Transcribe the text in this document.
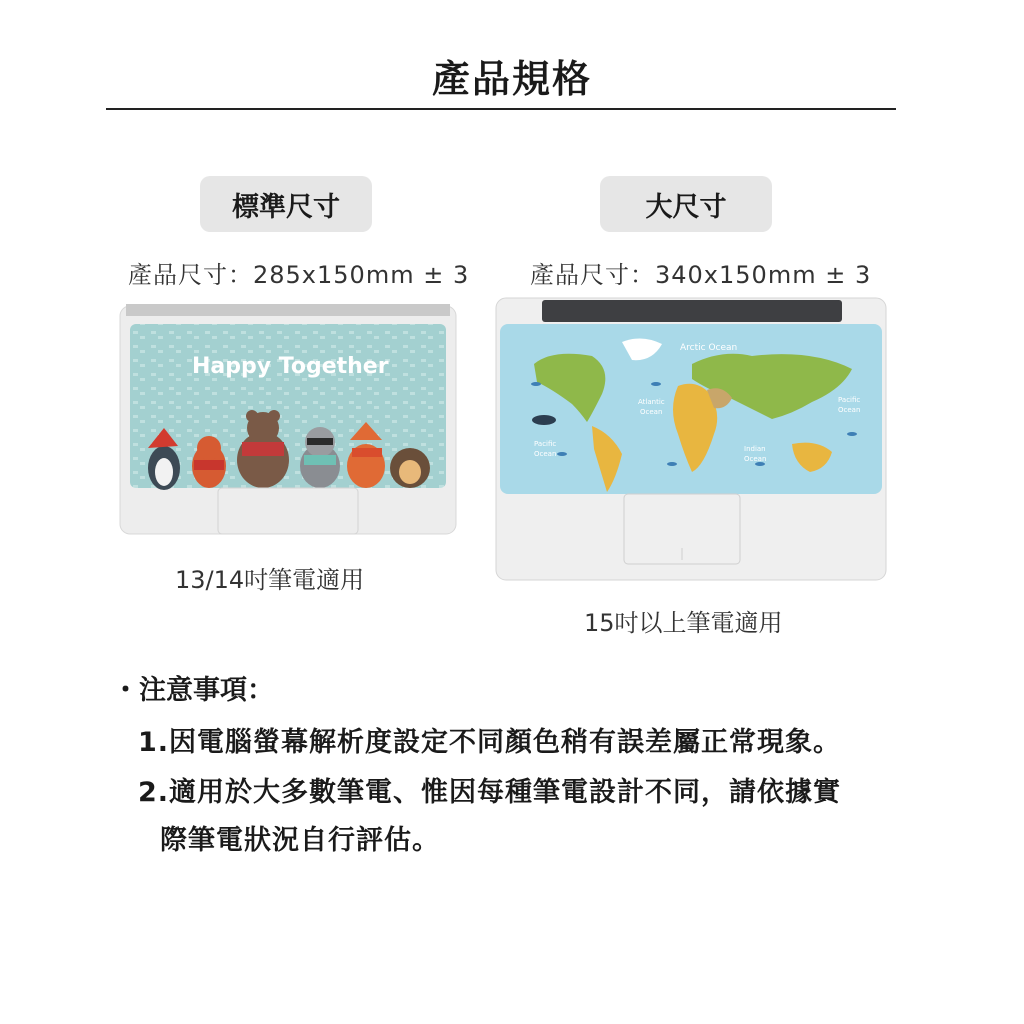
產品規格
標準尺寸	大尺寸
產品尺寸：285x150mm ± 3	產品尺寸：340x150mm ± 3
Happy Together
13/14吋筆電適用
Arctic Ocean
Atlantic
Ocean
Pacific
Ocean
Pacific
Ocean
Indian
Ocean
15吋以上筆電適用
・注意事項：
1.因電腦螢幕解析度設定不同顏色稍有誤差屬正常現象。
2.適用於大多數筆電、惟因每種筆電設計不同，請依據實
際筆電狀況自行評估。
